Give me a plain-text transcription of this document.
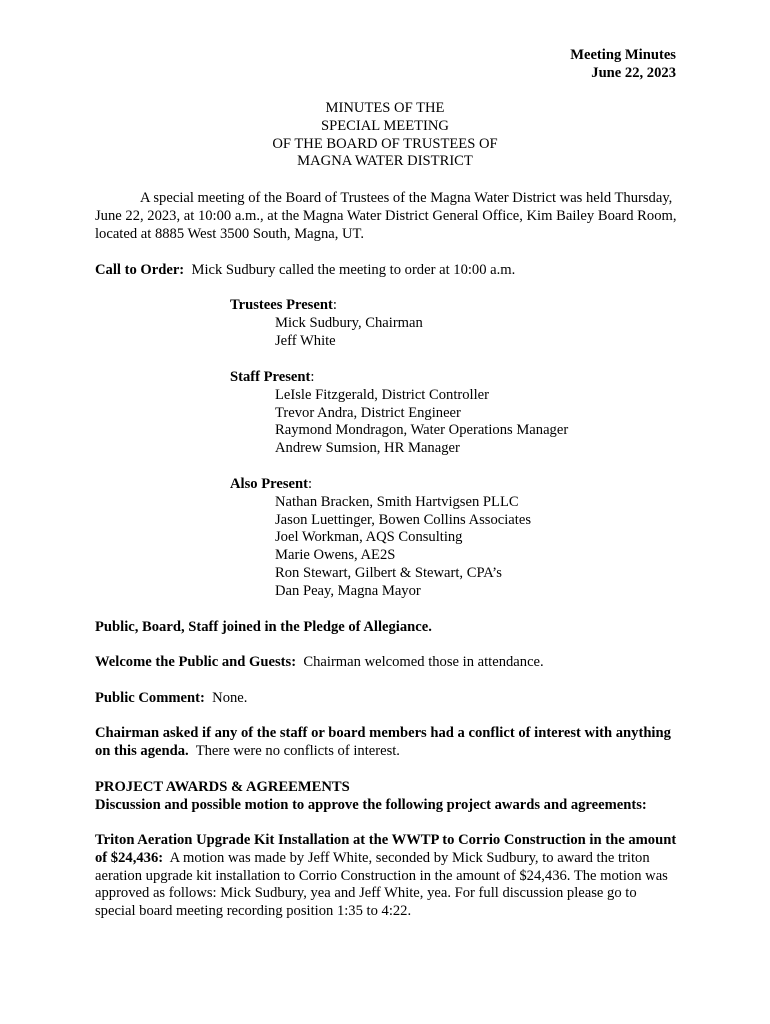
Meeting Minutes
June 22, 2023
MINUTES OF THE
SPECIAL MEETING
OF THE BOARD OF TRUSTEES OF
MAGNA WATER DISTRICT

A special meeting of the Board of Trustees of the Magna Water District was held Thursday, June 22, 2023, at 10:00 a.m., at the Magna Water District General Office, Kim Bailey Board Room, located at 8885 West 3500 South, Magna, UT.

Call to Order: Mick Sudbury called the meeting to order at 10:00 a.m.

Trustees Present:
Mick Sudbury, Chairman
Jeff White
Staff Present:
LeIsle Fitzgerald, District Controller
Trevor Andra, District Engineer
Raymond Mondragon, Water Operations Manager
Andrew Sumsion, HR Manager
Also Present:
Nathan Bracken, Smith Hartvigsen PLLC
Jason Luettinger, Bowen Collins Associates
Joel Workman, AQS Consulting
Marie Owens, AE2S
Ron Stewart, Gilbert & Stewart, CPA’s
Dan Peay, Magna Mayor

Public, Board, Staff joined in the Pledge of Allegiance.

Welcome the Public and Guests: Chairman welcomed those in attendance.

Public Comment: None.

Chairman asked if any of the staff or board members had a conflict of interest with anything on this agenda. There were no conflicts of interest.

PROJECT AWARDS & AGREEMENTS
Discussion and possible motion to approve the following project awards and agreements:

Triton Aeration Upgrade Kit Installation at the WWTP to Corrio Construction in the amount of $24,436: A motion was made by Jeff White, seconded by Mick Sudbury, to award the triton aeration upgrade kit installation to Corrio Construction in the amount of $24,436. The motion was approved as follows: Mick Sudbury, yea and Jeff White, yea. For full discussion please go to special board meeting recording position 1:35 to 4:22.
